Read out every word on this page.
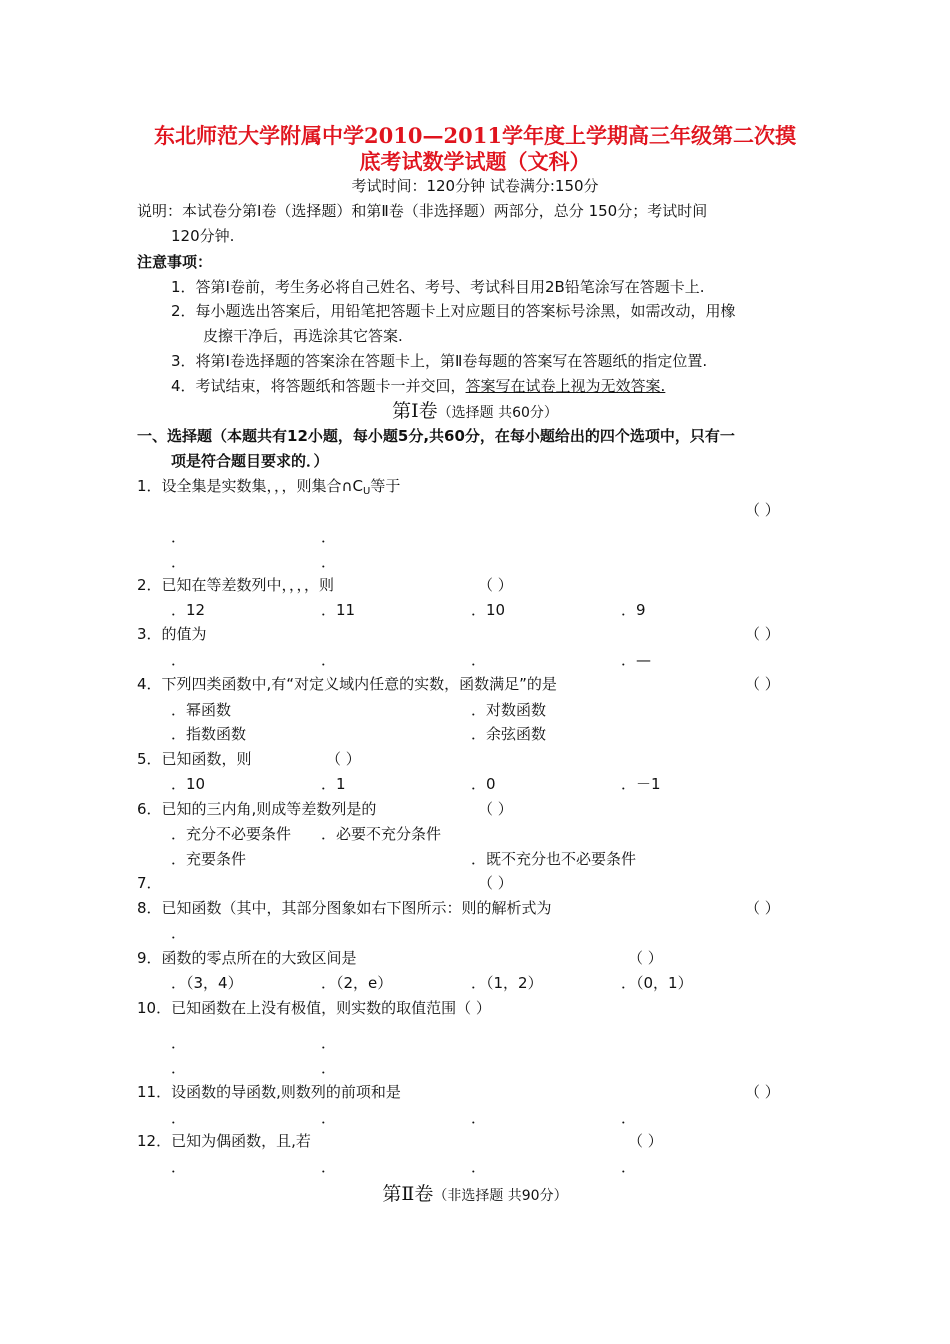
东北师范大学附属中学2010—2011学年度上学期高三年级第二次摸
底考试数学试题（文科）
考试时间：120分钟 试卷满分:150分
说明：本试卷分第Ⅰ卷（选择题）和第Ⅱ卷（非选择题）两部分，总分 150分；考试时间
120分钟.
注意事项：
1．答第Ⅰ卷前，考生务必将自己姓名、考号、考试科目用2B铅笔涂写在答题卡上.
2．每小题选出答案后，用铅笔把答题卡上对应题目的答案标号涂黑，如需改动，用橡
皮擦干净后，再选涂其它答案.
3．将第Ⅰ卷选择题的答案涂在答题卡上，第Ⅱ卷每题的答案写在答题纸的指定位置.
4．考试结束，将答题纸和答题卡一并交回，答案写在试卷上视为无效答案.
第Ⅰ卷（选择题 共60分）
一、选择题（本题共有12小题，每小题5分,共60分，在每小题给出的四个选项中，只有一
项是符合题目要求的．）
1．设全集是实数集，，，则集合$\cap C_U$等于
（ ）
．	．
．	．
2．已知在等差数列中，，，，则	（ ）
．12	．11	．10	．9
3．的值为	（ ）
．	．	．	．—
4．下列四类函数中,有“对定义域内任意的实数，函数满足”的是	（ ）
．幂函数	．对数函数
．指数函数	．余弦函数
5．已知函数，则	（ ）
．10	．1	．0	．－1
6．已知的三内角,则成等差数列是的	（ ）
．充分不必要条件 ．必要不充分条件
．充要条件	．既不充分也不必要条件
7．	（ ）
8．已知函数（其中，其部分图象如右下图所示：则的解析式为	（ ）
．
9．函数的零点所在的大致区间是	（ ）
．（3，4）	．（2，e）	．（1，2）	．（0，1）
10．已知函数在上没有极值，则实数的取值范围（ ）
．	．
．	．
11．设函数的导函数,则数列的前项和是	（ ）
．	．	．	．
12．已知为偶函数，且,若	（ ）
．	．	．	．
第Ⅱ卷（非选择题 共90分）
